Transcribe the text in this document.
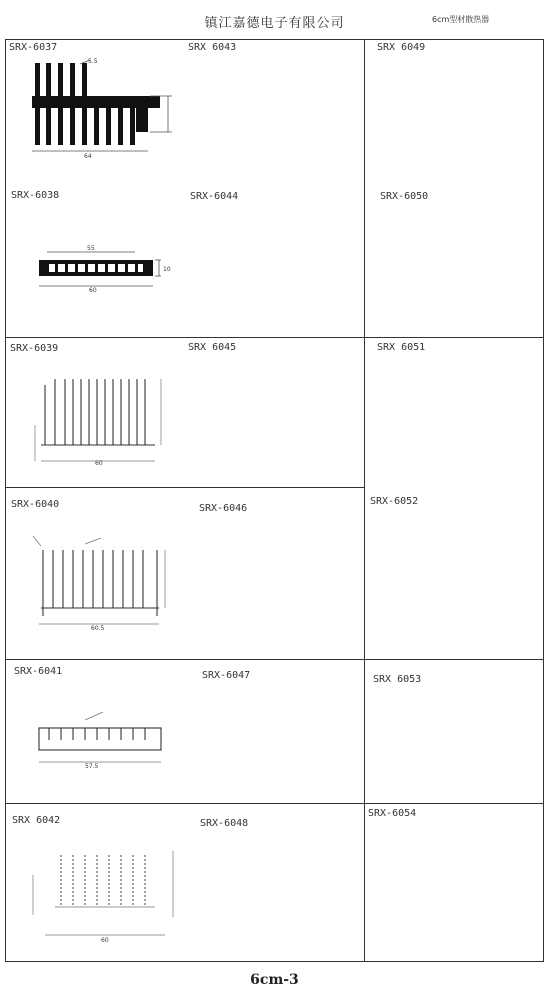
镇江嘉德电子有限公司	6cm型材散热器
SRX-6037
SRX-6038
SRX-6039
SRX-6040
SRX-6041
SRX 6042
SRX 6043
SRX-6044
SRX 6045
SRX-6046
SRX-6047
SRX-6048
SRX 6049
SRX-6050
SRX 6051
SRX-6052
SRX 6053
SRX-6054
5.5
64
55
60
10
60
60.5
57.5
60
6cm-3
